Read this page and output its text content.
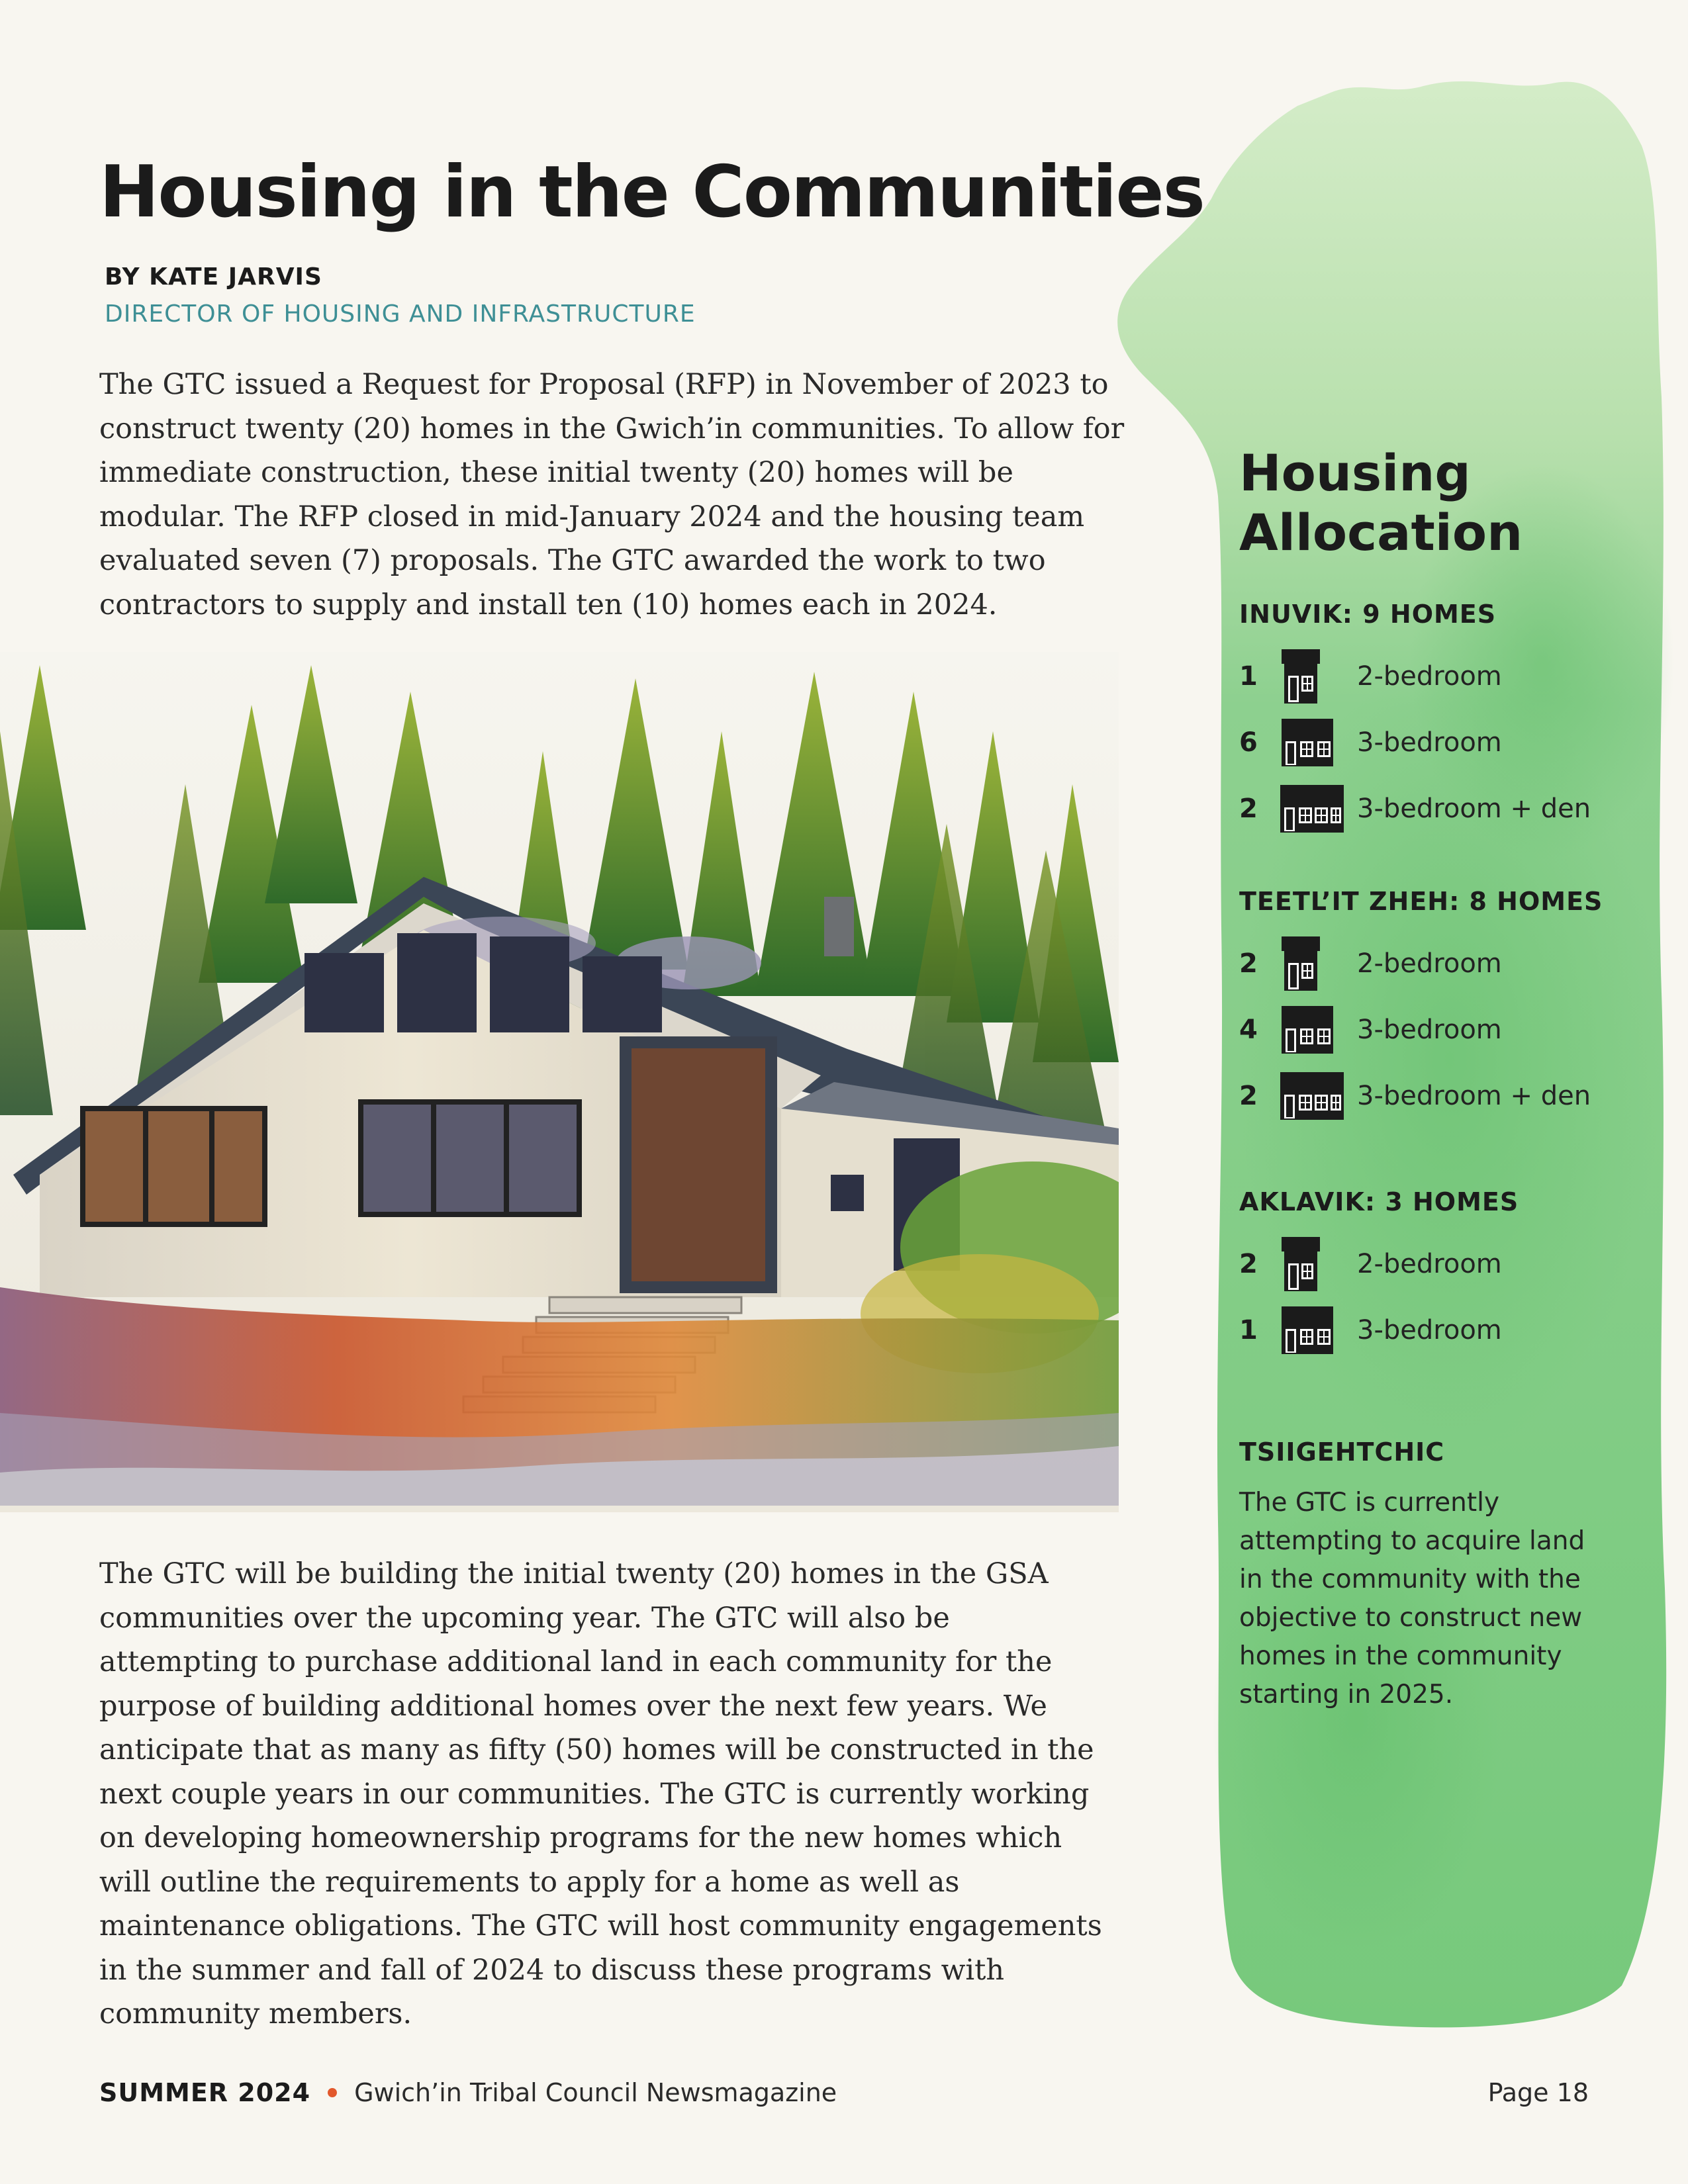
Housing in the Communities
BY KATE JARVIS
DIRECTOR OF HOUSING AND INFRASTRUCTURE

The GTC issued a Request for Proposal (RFP) in November of 2023 to construct twenty (20) homes in the Gwich’in communities. To allow for immediate construction, these initial twenty (20) homes will be modular. The RFP closed in mid-January 2024 and the housing team evaluated seven (7) proposals. The GTC awarded the work to two contractors to supply and install ten (10) homes each in 2024.

The GTC will be building the initial twenty (20) homes in the GSA communities over the upcoming year. The GTC will also be attempting to purchase additional land in each community for the purpose of building additional homes over the next few years. We anticipate that as many as fifty (50) homes will be constructed in the next couple years in our communities. The GTC is currently working on developing homeownership programs for the new homes which will outline the requirements to apply for a home as well as maintenance obligations. The GTC will host community engagements in the summer and fall of 2024 to discuss these programs with community members.

Housing
Allocation
INUVIK: 9 HOMES
1	2-bedroom
6	3-bedroom
2	3-bedroom + den
TEETL’IT ZHEH: 8 HOMES
2	2-bedroom
4	3-bedroom
2	3-bedroom + den
AKLAVIK: 3 HOMES
2	2-bedroom
1	3-bedroom
TSIIGEHTCHIC

The GTC is currently attempting to acquire land in the community with the objective to construct new homes in the community starting in 2025.

SUMMER 2024 Gwich’in Tribal Council Newsmagazine	Page 18
